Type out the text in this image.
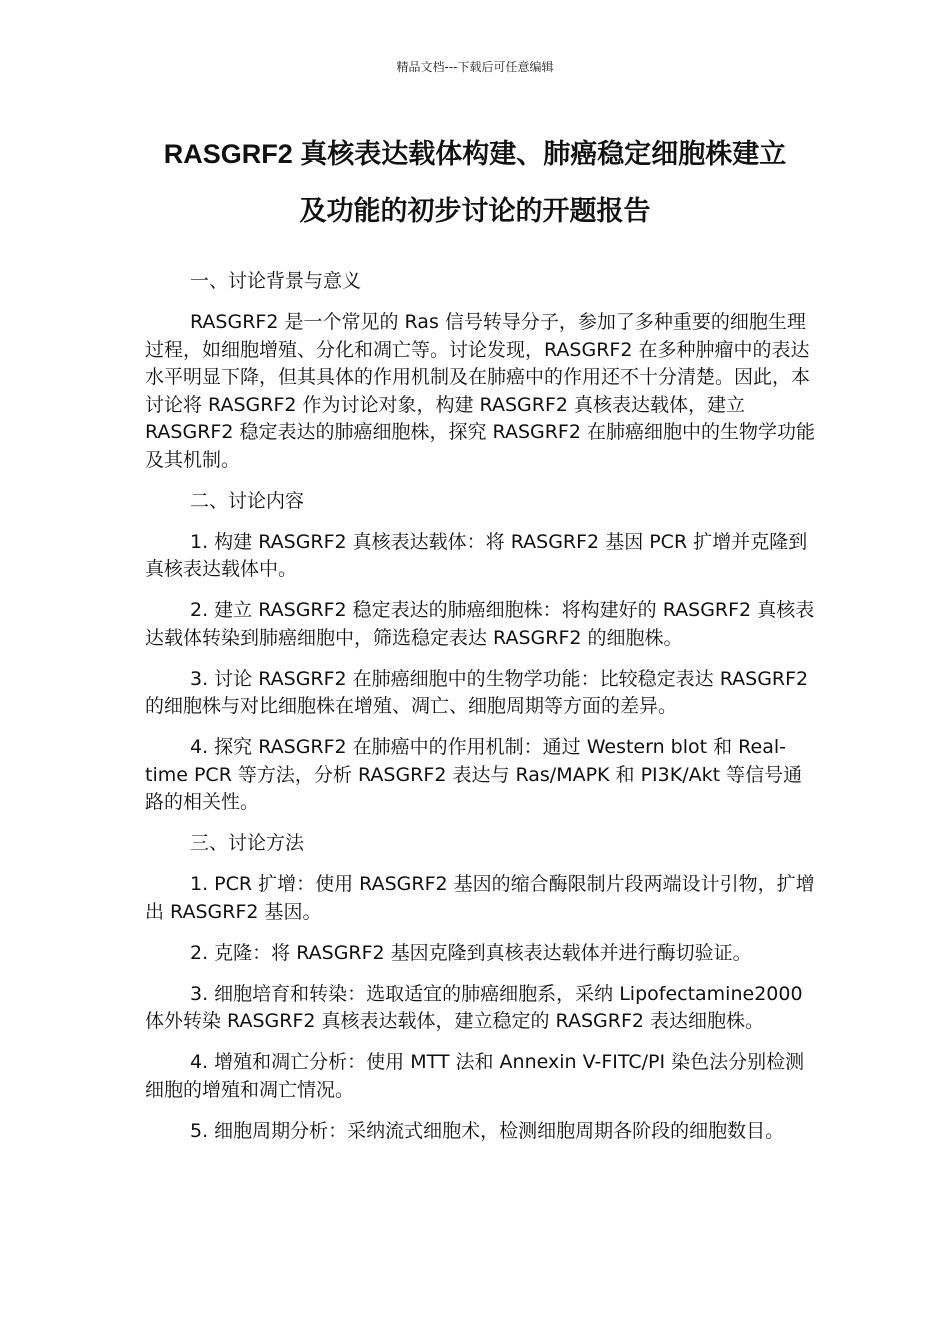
精品文档---下载后可任意编辑
RASGRF2 真核表达载体构建、肺癌稳定细胞株建立
及功能的初步讨论的开题报告

一、讨论背景与意义

RASGRF2 是一个常见的 Ras 信号转导分子，参加了多种重要的细胞生理过程，如细胞增殖、分化和凋亡等。讨论发现，RASGRF2 在多种肿瘤中的表达水平明显下降，但其具体的作用机制及在肺癌中的作用还不十分清楚。因此，本讨论将 RASGRF2 作为讨论对象，构建 RASGRF2 真核表达载体，建立 RASGRF2 稳定表达的肺癌细胞株，探究 RASGRF2 在肺癌细胞中的生物学功能及其机制。

二、讨论内容

1. 构建 RASGRF2 真核表达载体：将 RASGRF2 基因 PCR 扩增并克隆到真核表达载体中。

2. 建立 RASGRF2 稳定表达的肺癌细胞株：将构建好的 RASGRF2 真核表达载体转染到肺癌细胞中，筛选稳定表达 RASGRF2 的细胞株。

3. 讨论 RASGRF2 在肺癌细胞中的生物学功能：比较稳定表达 RASGRF2 的细胞株与对比细胞株在增殖、凋亡、细胞周期等方面的差异。

4. 探究 RASGRF2 在肺癌中的作用机制：通过 Western blot 和 Real-time PCR 等方法，分析 RASGRF2 表达与 Ras/MAPK 和 PI3K/Akt 等信号通路的相关性。

三、讨论方法

1. PCR 扩增：使用 RASGRF2 基因的缩合酶限制片段两端设计引物，扩增出 RASGRF2 基因。

2. 克隆：将 RASGRF2 基因克隆到真核表达载体并进行酶切验证。

3. 细胞培育和转染：选取适宜的肺癌细胞系，采纳 Lipofectamine2000 体外转染 RASGRF2 真核表达载体，建立稳定的 RASGRF2 表达细胞株。

4. 增殖和凋亡分析：使用 MTT 法和 Annexin V-FITC/PI 染色法分别检测细胞的增殖和凋亡情况。

5. 细胞周期分析：采纳流式细胞术，检测细胞周期各阶段的细胞数目。
